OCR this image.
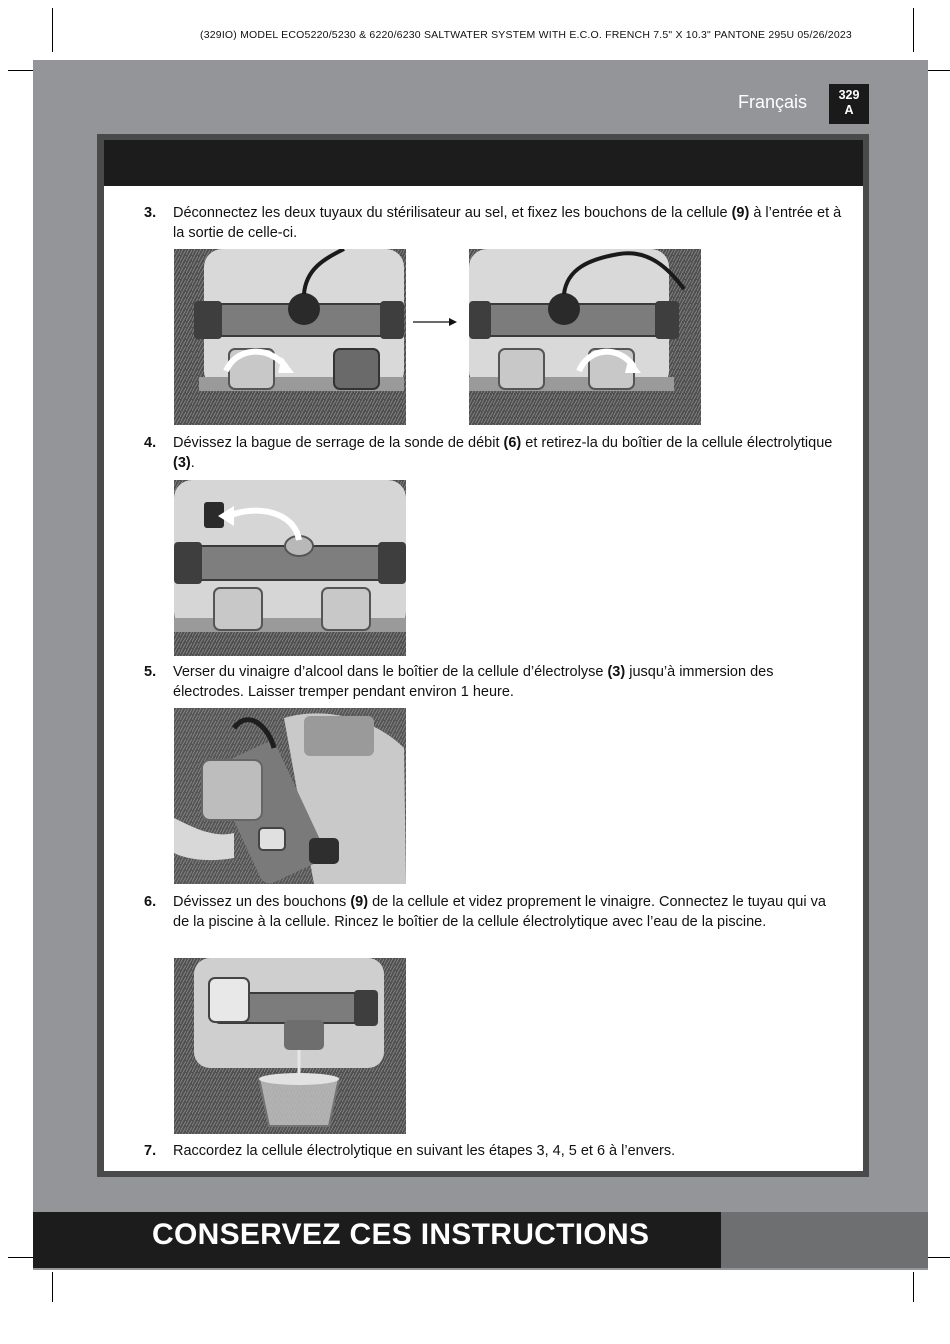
(329IO) MODEL ECO5220/5230 & 6220/6230 SALTWATER SYSTEM WITH E.C.O. FRENCH 7.5" X 10.3" PANTONE 295U 05/26/2023
Français	329
A
3. Déconnectez les deux tuyaux du stérilisateur au sel, et fixez les bouchons de la cellule (9) à l’entrée et à la sortie de celle-ci.
4. Dévissez la bague de serrage de la sonde de débit (6) et retirez-la du boîtier de la cellule électrolytique (3).
5. Verser du vinaigre d’alcool dans le boîtier de la cellule d’électrolyse (3) jusqu’à immersion des électrodes. Laisser tremper pendant environ 1 heure.
6. Dévissez un des bouchons (9) de la cellule et videz proprement le vinaigre. Connectez le tuyau qui va de la piscine à la cellule. Rincez le boîtier de la cellule électrolytique avec l’eau de la piscine.
7. Raccordez la cellule électrolytique en suivant les étapes 3, 4, 5 et 6 à l’envers.
CONSERVEZ CES INSTRUCTIONS
